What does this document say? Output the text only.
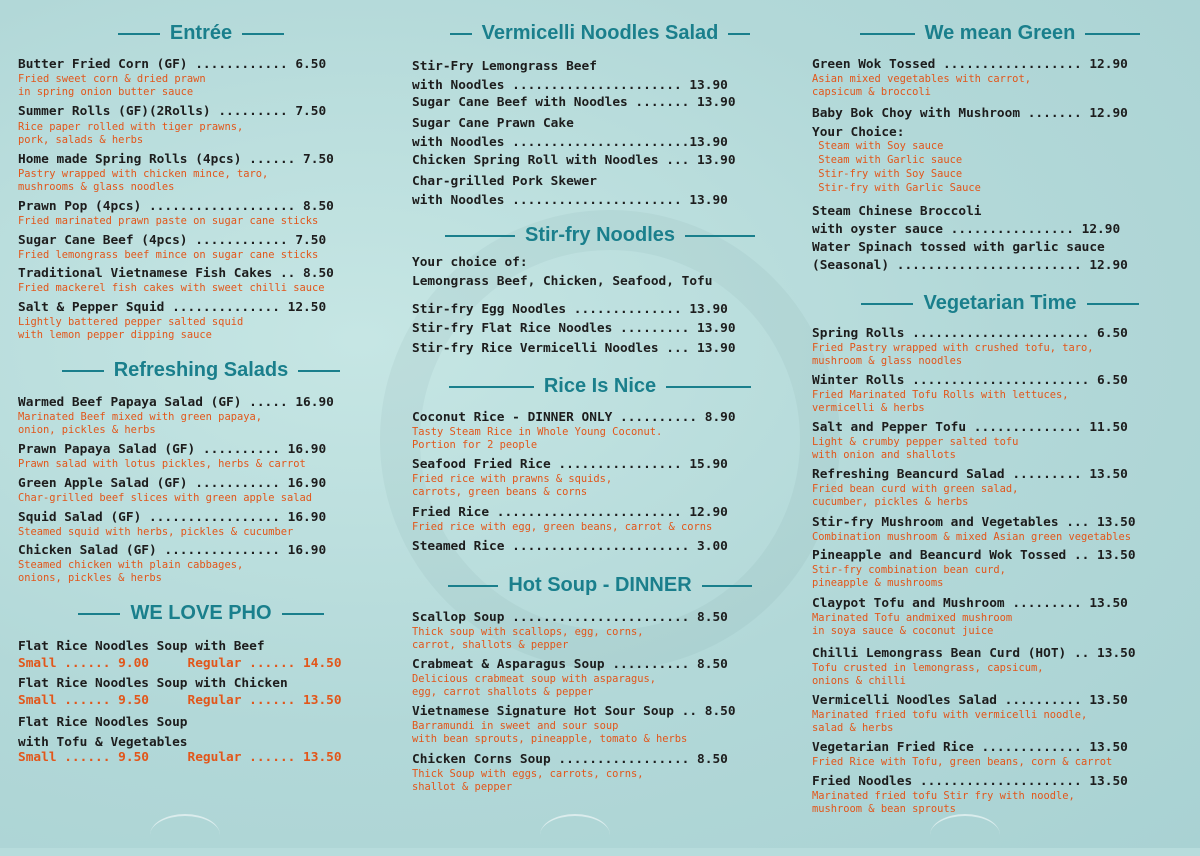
Entrée
Butter Fried Corn (GF) ............ 6.50
Fried sweet corn & dried prawn
in spring onion butter sauce
Summer Rolls (GF)(2Rolls) ......... 7.50
Rice paper rolled with tiger prawns,
pork, salads & herbs
Home made Spring Rolls (4pcs) ...... 7.50
Pastry wrapped with chicken mince, taro,
mushrooms & glass noodles
Prawn Pop (4pcs) ................... 8.50
Fried marinated prawn paste on sugar cane sticks
Sugar Cane Beef (4pcs) ............ 7.50
Fried lemongrass beef mince on sugar cane sticks
Traditional Vietnamese Fish Cakes .. 8.50
Fried mackerel fish cakes with sweet chilli sauce
Salt & Pepper Squid .............. 12.50
Lightly battered pepper salted squid
with lemon pepper dipping sauce
Refreshing Salads
Warmed Beef Papaya Salad (GF) ..... 16.90
Marinated Beef mixed with green papaya,
onion, pickles & herbs
Prawn Papaya Salad (GF) .......... 16.90
Prawn salad with lotus pickles, herbs & carrot
Green Apple Salad (GF) ........... 16.90
Char-grilled beef slices with green apple salad
Squid Salad (GF) ................. 16.90
Steamed squid with herbs, pickles & cucumber
Chicken Salad (GF) ............... 16.90
Steamed chicken with plain cabbages,
onions, pickles & herbs
WE LOVE PHO
Flat Rice Noodles Soup with Beef
Small ...... 9.00     Regular ...... 14.50
Flat Rice Noodles Soup with Chicken
Small ...... 9.50     Regular ...... 13.50
Flat Rice Noodles Soup
with Tofu & Vegetables
Small ...... 9.50     Regular ...... 13.50
Vermicelli Noodles Salad
Stir-Fry Lemongrass Beef
with Noodles ...................... 13.90
Sugar Cane Beef with Noodles ....... 13.90
Sugar Cane Prawn Cake
with Noodles .......................13.90
Chicken Spring Roll with Noodles ... 13.90
Char-grilled Pork Skewer
with Noodles ...................... 13.90
Stir-fry Noodles
Your choice of:
Lemongrass Beef, Chicken, Seafood, Tofu
Stir-fry Egg Noodles .............. 13.90
Stir-fry Flat Rice Noodles ......... 13.90
Stir-fry Rice Vermicelli Noodles ... 13.90
Rice Is Nice
Coconut Rice - DINNER ONLY .......... 8.90
Tasty Steam Rice in Whole Young Coconut.
Portion for 2 people
Seafood Fried Rice ................ 15.90
Fried rice with prawns & squids,
carrots, green beans & corns
Fried Rice ........................ 12.90
Fried rice with egg, green beans, carrot & corns
Steamed Rice ....................... 3.00
Hot Soup - DINNER
Scallop Soup ....................... 8.50
Thick soup with scallops, egg, corns,
carrot, shallots & pepper
Crabmeat & Asparagus Soup .......... 8.50
Delicious crabmeat soup with asparagus,
egg, carrot shallots & pepper
Vietnamese Signature Hot Sour Soup .. 8.50
Barramundi in sweet and sour soup
with bean sprouts, pineapple, tomato & herbs
Chicken Corns Soup ................. 8.50
Thick Soup with eggs, carrots, corns,
shallot & pepper
We mean Green
Green Wok Tossed .................. 12.90
Asian mixed vegetables with carrot,
capsicum & broccoli
Baby Bok Choy with Mushroom ....... 12.90
Your Choice:
Steam with Soy sauce
Steam with Garlic sauce
Stir-fry with Soy Sauce
Stir-fry with Garlic Sauce
Steam Chinese Broccoli
with oyster sauce ................ 12.90
Water Spinach tossed with garlic sauce
(Seasonal) ........................ 12.90
Vegetarian Time
Spring Rolls ....................... 6.50
Fried Pastry wrapped with crushed tofu, taro,
mushroom & glass noodles
Winter Rolls ....................... 6.50
Fried Marinated Tofu Rolls with lettuces,
vermicelli & herbs
Salt and Pepper Tofu .............. 11.50
Light & crumby pepper salted tofu
with onion and shallots
Refreshing Beancurd Salad ......... 13.50
Fried bean curd with green salad,
cucumber, pickles & herbs
Stir-fry Mushroom and Vegetables ... 13.50
Combination mushroom & mixed Asian green vegetables
Pineapple and Beancurd Wok Tossed .. 13.50
Stir-fry combination bean curd,
pineapple & mushrooms
Claypot Tofu and Mushroom ......... 13.50
Marinated Tofu andmixed mushroom
in soya sauce & coconut juice
Chilli Lemongrass Bean Curd (HOT) .. 13.50
Tofu crusted in lemongrass, capsicum,
onions & chilli
Vermicelli Noodles Salad .......... 13.50
Marinated fried tofu with vermicelli noodle,
salad & herbs
Vegetarian Fried Rice ............. 13.50
Fried Rice with Tofu, green beans, corn & carrot
Fried Noodles ..................... 13.50
Marinated fried tofu Stir fry with noodle,
mushroom & bean sprouts
